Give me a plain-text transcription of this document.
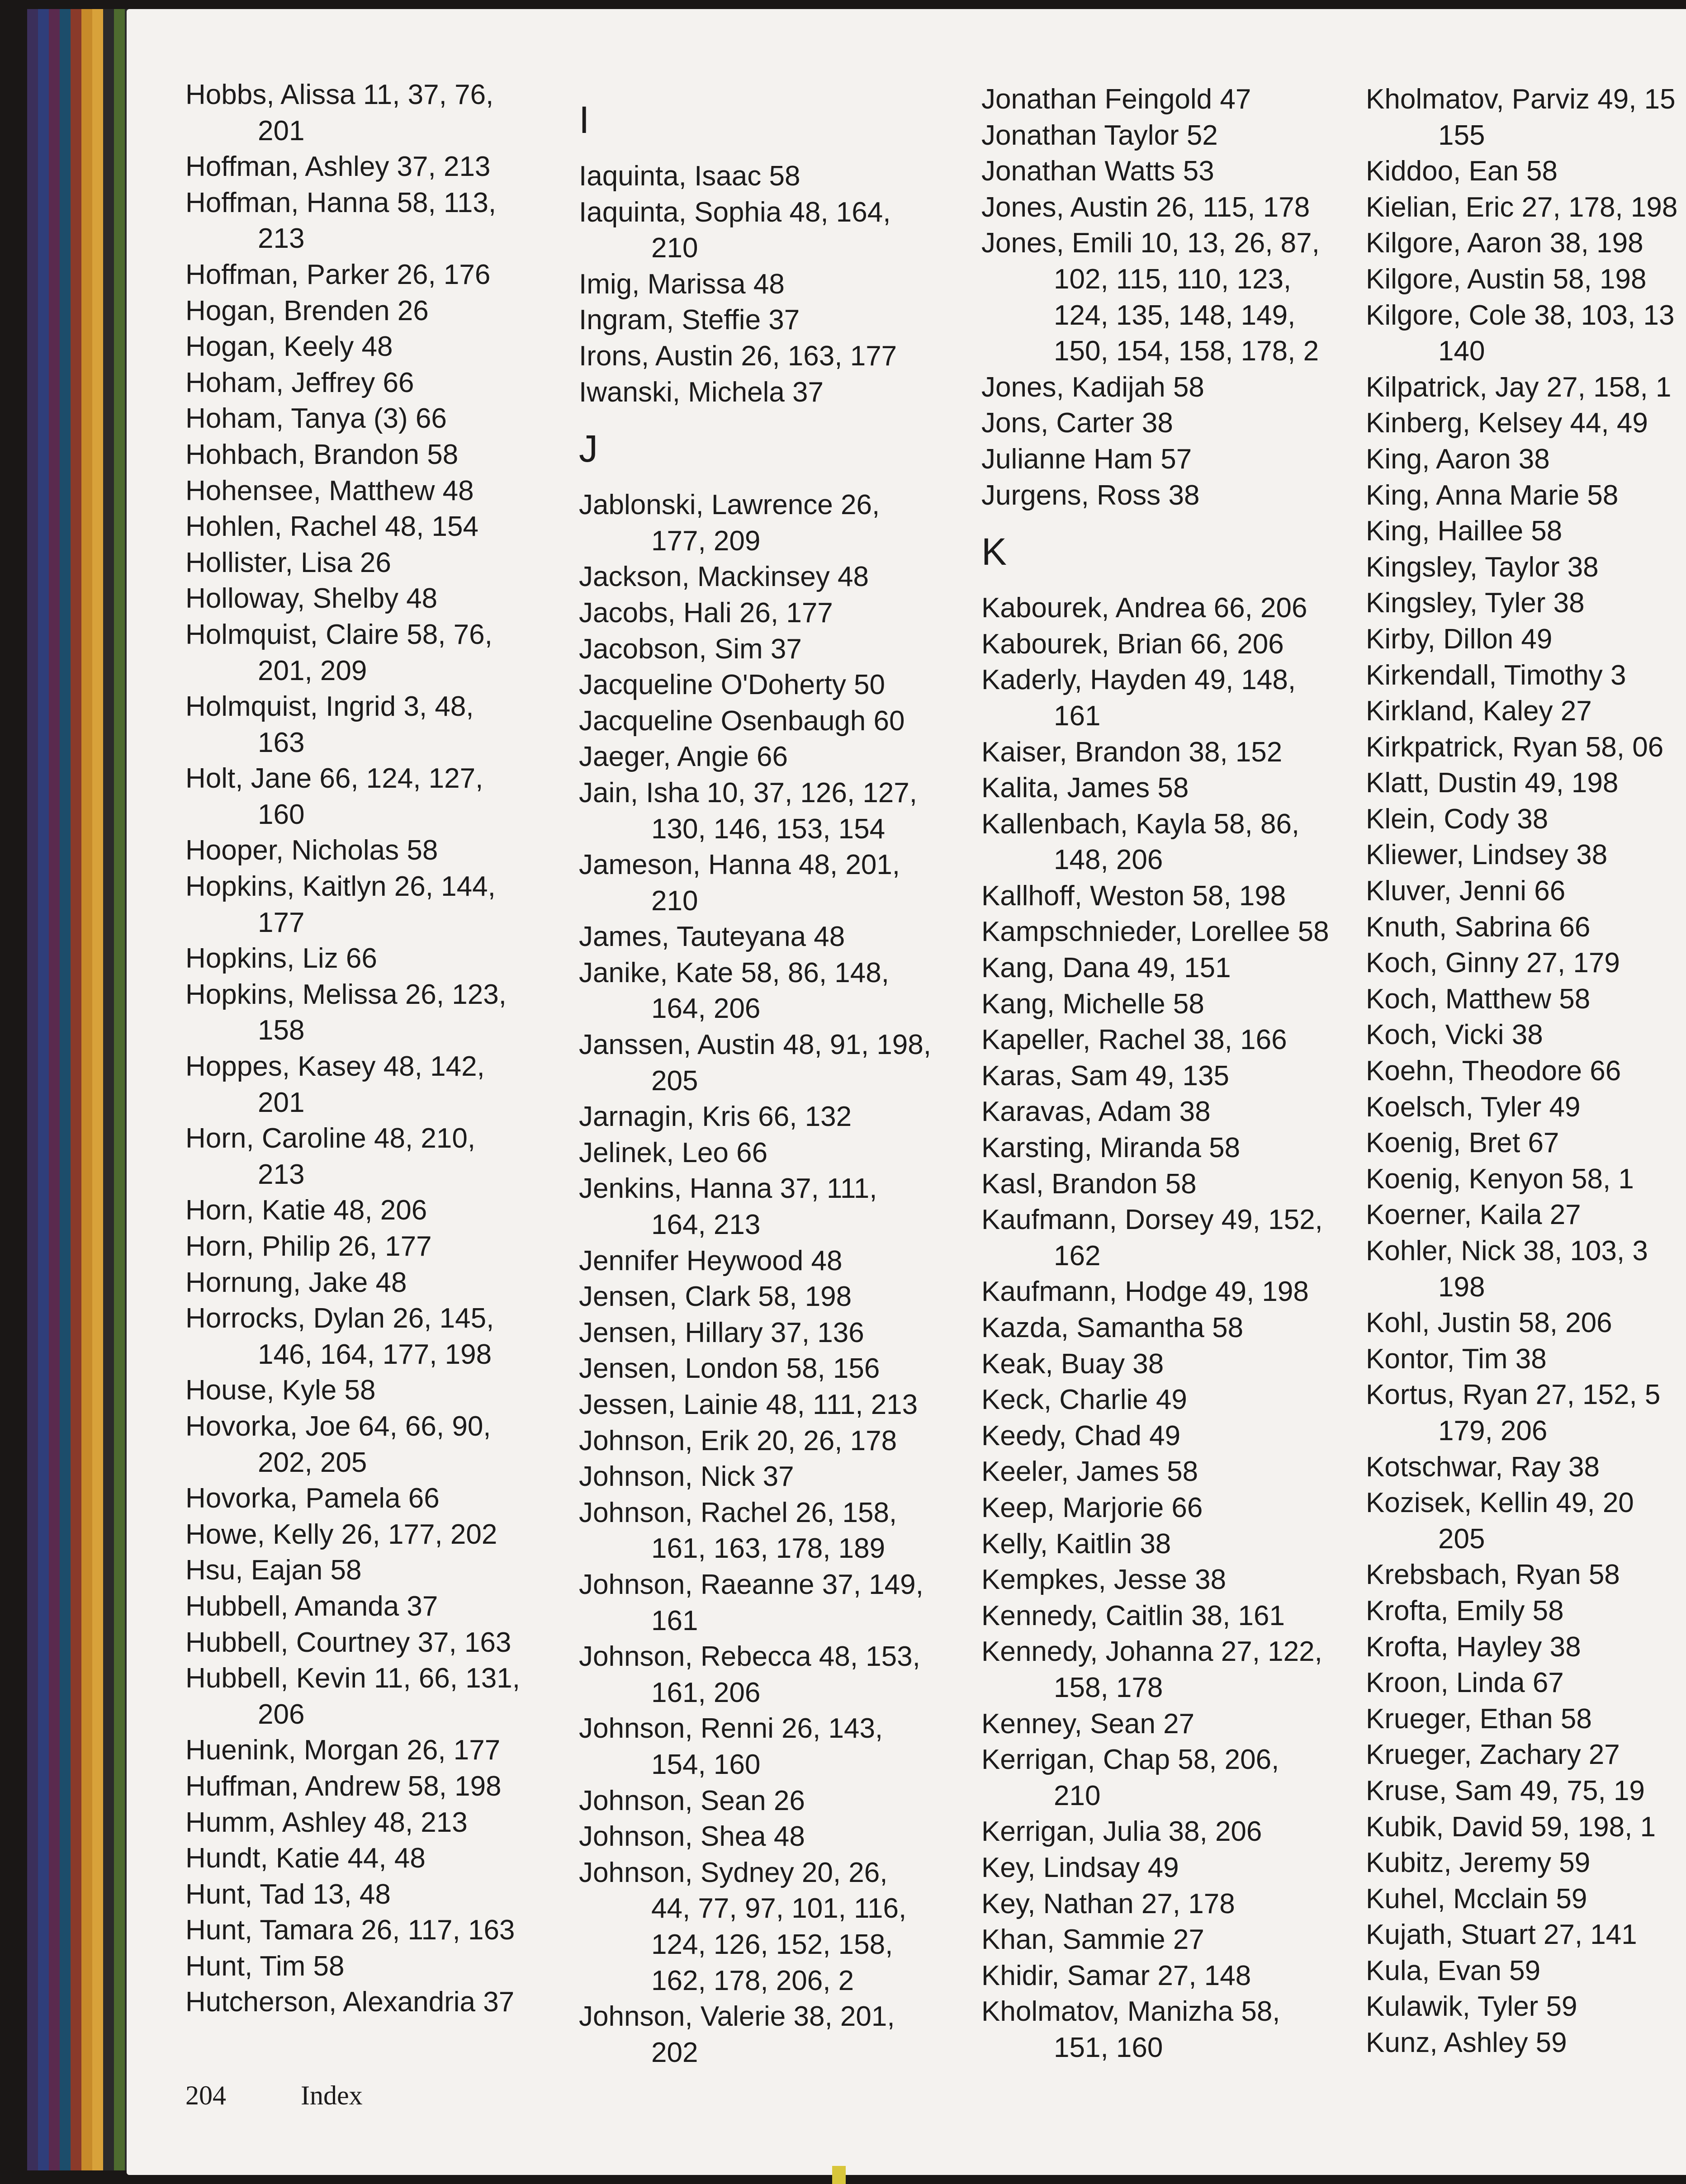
Hobbs, Alissa 11, 37, 76,
201
Hoffman, Ashley 37, 213
Hoffman, Hanna 58, 113,
213
Hoffman, Parker 26, 176
Hogan, Brenden 26
Hogan, Keely 48
Hoham, Jeffrey 66
Hoham, Tanya (3) 66
Hohbach, Brandon 58
Hohensee, Matthew 48
Hohlen, Rachel 48, 154
Hollister, Lisa 26
Holloway, Shelby 48
Holmquist, Claire 58, 76,
201, 209
Holmquist, Ingrid 3, 48,
163
Holt, Jane 66, 124, 127,
160
Hooper, Nicholas 58
Hopkins, Kaitlyn 26, 144,
177
Hopkins, Liz 66
Hopkins, Melissa 26, 123,
158
Hoppes, Kasey 48, 142,
201
Horn, Caroline 48, 210,
213
Horn, Katie 48, 206
Horn, Philip 26, 177
Hornung, Jake 48
Horrocks, Dylan 26, 145,
146, 164, 177, 198
House, Kyle 58
Hovorka, Joe 64, 66, 90,
202, 205
Hovorka, Pamela 66
Howe, Kelly 26, 177, 202
Hsu, Eajan 58
Hubbell, Amanda 37
Hubbell, Courtney 37, 163
Hubbell, Kevin 11, 66, 131,
206
Huenink, Morgan 26, 177
Huffman, Andrew 58, 198
Humm, Ashley 48, 213
Hundt, Katie 44, 48
Hunt, Tad 13, 48
Hunt, Tamara 26, 117, 163
Hunt, Tim 58
Hutcherson, Alexandria 37
I
Iaquinta, Isaac 58
Iaquinta, Sophia 48, 164,
210
Imig, Marissa 48
Ingram, Steffie 37
Irons, Austin 26, 163, 177
Iwanski, Michela 37
J
Jablonski, Lawrence 26,
177, 209
Jackson, Mackinsey 48
Jacobs, Hali 26, 177
Jacobson, Sim 37
Jacqueline O'Doherty 50
Jacqueline Osenbaugh 60
Jaeger, Angie 66
Jain, Isha 10, 37, 126, 127,
130, 146, 153, 154
Jameson, Hanna 48, 201,
210
James, Tauteyana 48
Janike, Kate 58, 86, 148,
164, 206
Janssen, Austin 48, 91, 198,
205
Jarnagin, Kris 66, 132
Jelinek, Leo 66
Jenkins, Hanna 37, 111,
164, 213
Jennifer Heywood 48
Jensen, Clark 58, 198
Jensen, Hillary 37, 136
Jensen, London 58, 156
Jessen, Lainie 48, 111, 213
Johnson, Erik 20, 26, 178
Johnson, Nick 37
Johnson, Rachel 26, 158,
161, 163, 178, 189
Johnson, Raeanne 37, 149,
161
Johnson, Rebecca 48, 153,
161, 206
Johnson, Renni 26, 143,
154, 160
Johnson, Sean 26
Johnson, Shea 48
Johnson, Sydney 20, 26,
44, 77, 97, 101, 116,
124, 126, 152, 158,
162, 178, 206, 2
Johnson, Valerie 38, 201,
202
Jonathan Feingold 47
Jonathan Taylor 52
Jonathan Watts 53
Jones, Austin 26, 115, 178
Jones, Emili 10, 13, 26, 87,
102, 115, 110, 123,
124, 135, 148, 149,
150, 154, 158, 178, 2
Jones, Kadijah 58
Jons, Carter 38
Julianne Ham 57
Jurgens, Ross 38
K
Kabourek, Andrea 66, 206
Kabourek, Brian 66, 206
Kaderly, Hayden 49, 148,
161
Kaiser, Brandon 38, 152
Kalita, James 58
Kallenbach, Kayla 58, 86,
148, 206
Kallhoff, Weston 58, 198
Kampschnieder, Lorellee 58
Kang, Dana 49, 151
Kang, Michelle 58
Kapeller, Rachel 38, 166
Karas, Sam 49, 135
Karavas, Adam 38
Karsting, Miranda 58
Kasl, Brandon 58
Kaufmann, Dorsey 49, 152,
162
Kaufmann, Hodge 49, 198
Kazda, Samantha 58
Keak, Buay 38
Keck, Charlie 49
Keedy, Chad 49
Keeler, James 58
Keep, Marjorie 66
Kelly, Kaitlin 38
Kempkes, Jesse 38
Kennedy, Caitlin 38, 161
Kennedy, Johanna 27, 122,
158, 178
Kenney, Sean 27
Kerrigan, Chap 58, 206,
210
Kerrigan, Julia 38, 206
Key, Lindsay 49
Key, Nathan 27, 178
Khan, Sammie 27
Khidir, Samar 27, 148
Kholmatov, Manizha 58,
151, 160
Kholmatov, Parviz 49, 15
155
Kiddoo, Ean 58
Kielian, Eric 27, 178, 198
Kilgore, Aaron 38, 198
Kilgore, Austin 58, 198
Kilgore, Cole 38, 103, 13
140
Kilpatrick, Jay 27, 158, 1
Kinberg, Kelsey 44, 49
King, Aaron 38
King, Anna Marie 58
King, Haillee 58
Kingsley, Taylor 38
Kingsley, Tyler 38
Kirby, Dillon 49
Kirkendall, Timothy 3
Kirkland, Kaley 27
Kirkpatrick, Ryan 58, 06
Klatt, Dustin 49, 198
Klein, Cody 38
Kliewer, Lindsey 38
Kluver, Jenni 66
Knuth, Sabrina 66
Koch, Ginny 27, 179
Koch, Matthew 58
Koch, Vicki 38
Koehn, Theodore 66
Koelsch, Tyler 49
Koenig, Bret 67
Koenig, Kenyon 58, 1
Koerner, Kaila 27
Kohler, Nick 38, 103, 3
198
Kohl, Justin 58, 206
Kontor, Tim 38
Kortus, Ryan 27, 152, 5
179, 206
Kotschwar, Ray 38
Kozisek, Kellin 49, 20
205
Krebsbach, Ryan 58
Krofta, Emily 58
Krofta, Hayley 38
Kroon, Linda 67
Krueger, Ethan 58
Krueger, Zachary 27
Kruse, Sam 49, 75, 19
Kubik, David 59, 198, 1
Kubitz, Jeremy 59
Kuhel, Mcclain 59
Kujath, Stuart 27, 141
Kula, Evan 59
Kulawik, Tyler 59
Kunz, Ashley 59
204	Index
